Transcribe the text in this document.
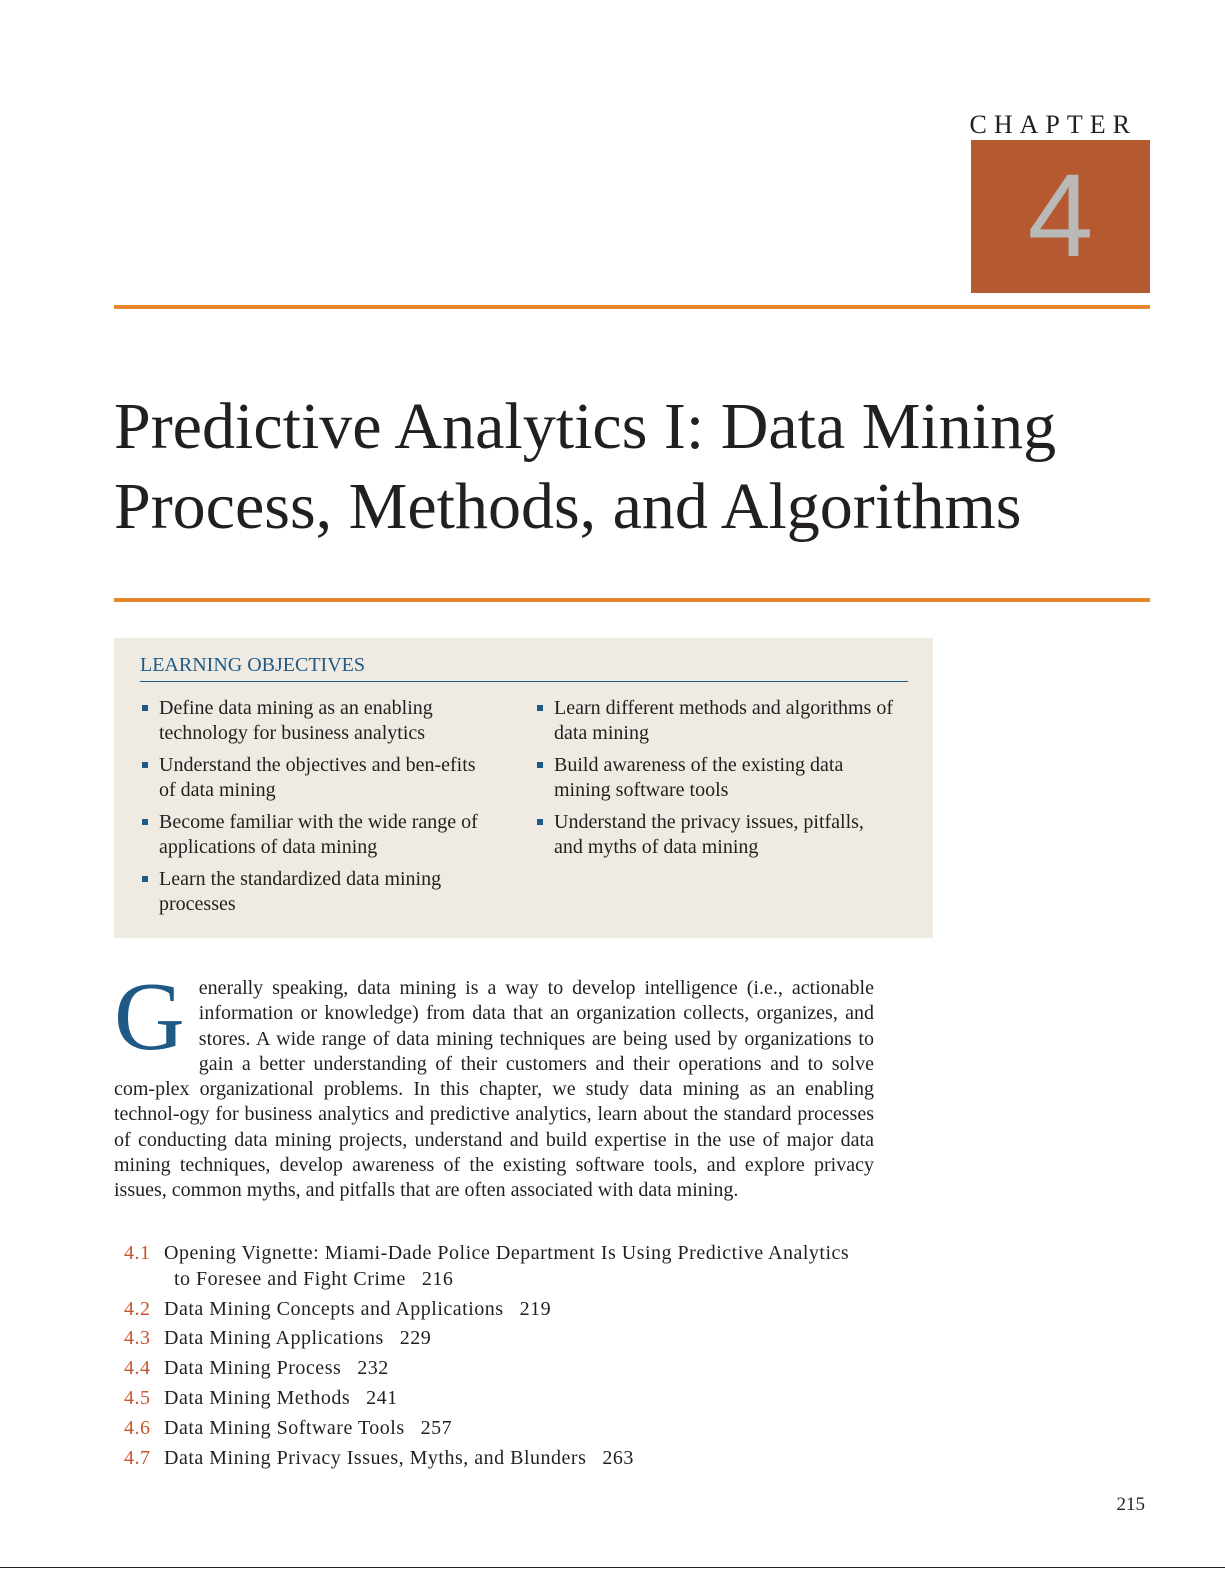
CHAPTER
4
Predictive Analytics I: Data Mining
Process, Methods, and Algorithms
LEARNING OBJECTIVES
Define data mining as an enabling technology for business analytics
Understand the objectives and ben-efits of data mining
Become familiar with the wide range of applications of data mining
Learn the standardized data mining processes
Learn different methods and algorithms of data mining
Build awareness of the existing data mining software tools
Understand the privacy issues, pitfalls, and myths of data mining
Generally speaking, data mining is a way to develop intelligence (i.e., actionable information or knowledge) from data that an organization collects, organizes, and stores. A wide range of data mining techniques are being used by organizations to gain a better understanding of their customers and their operations and to solve com-plex organizational problems. In this chapter, we study data mining as an enabling technol-ogy for business analytics and predictive analytics, learn about the standard processes of conducting data mining projects, understand and build expertise in the use of major data mining techniques, develop awareness of the existing software tools, and explore privacy issues, common myths, and pitfalls that are often associated with data mining.
4.1 Opening Vignette: Miami-Dade Police Department Is Using Predictive Analytics
to Foresee and Fight Crime 216
4.2 Data Mining Concepts and Applications 219
4.3 Data Mining Applications 229
4.4 Data Mining Process 232
4.5 Data Mining Methods 241
4.6 Data Mining Software Tools 257
4.7 Data Mining Privacy Issues, Myths, and Blunders 263
215
